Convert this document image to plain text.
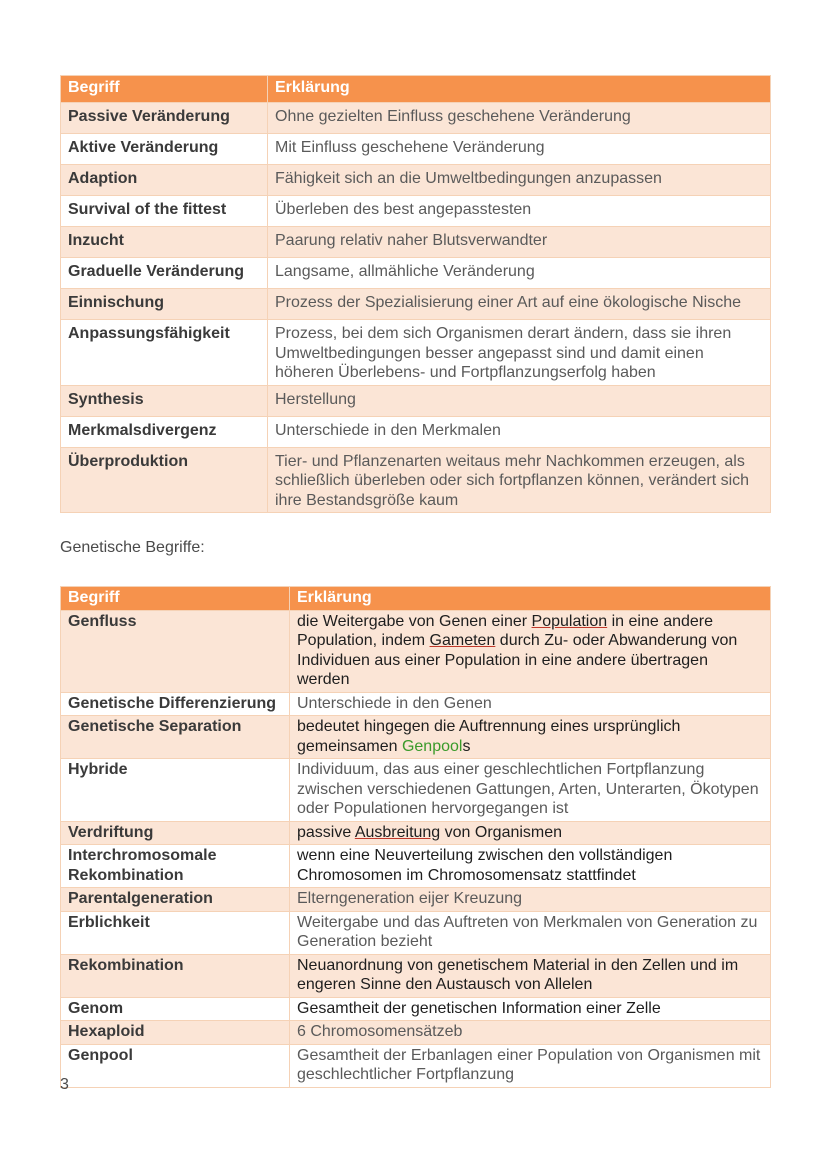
Begriff	Erklärung
Passive Veränderung	Ohne gezielten Einfluss geschehene Veränderung
Aktive Veränderung	Mit Einfluss geschehene Veränderung
Adaption	Fähigkeit sich an die Umweltbedingungen anzupassen
Survival of the fittest	Überleben des best angepasstesten
Inzucht	Paarung relativ naher Blutsverwandter
Graduelle Veränderung	Langsame, allmähliche Veränderung
Einnischung	Prozess der Spezialisierung einer Art auf eine ökologische Nische
Anpassungsfähigkeit	Prozess, bei dem sich Organismen derart ändern, dass sie ihren Umweltbedingungen besser angepasst sind und damit einen höheren Überlebens- und Fortpflanzungserfolg haben
Synthesis	Herstellung
Merkmalsdivergenz	Unterschiede in den Merkmalen
Überproduktion	Tier- und Pflanzenarten weitaus mehr Nachkommen erzeugen, als schließlich überleben oder sich fortpflanzen können, verändert sich ihre Bestandsgröße kaum
Genetische Begriffe:
Begriff	Erklärung
Genfluss	die Weitergabe von Genen einer Population in eine andere Population, indem Gameten durch Zu- oder Abwanderung von Individuen aus einer Population in eine andere übertragen werden
Genetische Differenzierung	Unterschiede in den Genen
Genetische Separation	bedeutet hingegen die Auftrennung eines ursprünglich gemeinsamen Genpools
Hybride	Individuum, das aus einer geschlechtlichen Fortpflanzung zwischen verschiedenen Gattungen, Arten, Unterarten, Ökotypen oder Populationen hervorgegangen ist
Verdriftung	passive Ausbreitung von Organismen
Interchromosomale Rekombination	wenn eine Neuverteilung zwischen den vollständigen Chromosomen im Chromosomensatz stattfindet
Parentalgeneration	Elterngeneration eijer Kreuzung
Erblichkeit	Weitergabe und das Auftreten von Merkmalen von Generation zu Generation bezieht
Rekombination	Neuanordnung von genetischem Material in den Zellen und im engeren Sinne den Austausch von Allelen
Genom	Gesamtheit der genetischen Information einer Zelle
Hexaploid	6 Chromosomensätzeb
Genpool	Gesamtheit der Erbanlagen einer Population von Organismen mit geschlechtlicher Fortpflanzung
3
